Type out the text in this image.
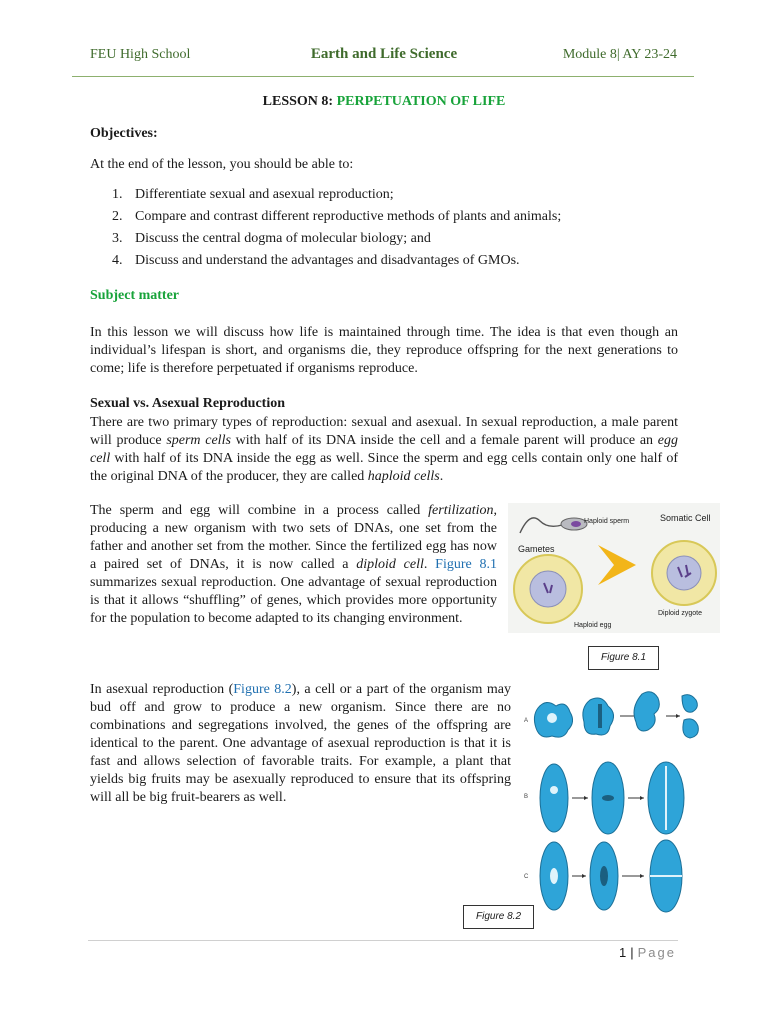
FEU High School	Earth and Life Science	Module 8| AY 23-24
LESSON 8: PERPETUATION OF LIFE
Objectives:
At the end of the lesson, you should be able to:
1. Differentiate sexual and asexual reproduction;
2. Compare and contrast different reproductive methods of plants and animals;
3. Discuss the central dogma of molecular biology; and
4. Discuss and understand the advantages and disadvantages of GMOs.
Subject matter

In this lesson we will discuss how life is maintained through time. The idea is that even though an individual’s lifespan is short, and organisms die, they reproduce offspring for the next generations to come; life is therefore perpetuated if organisms reproduce.

Sexual vs. Asexual Reproduction

There are two primary types of reproduction: sexual and asexual. In sexual reproduction, a male parent will produce sperm cells with half of its DNA inside the cell and a female parent will produce an egg cell with half of its DNA inside the egg as well. Since the sperm and egg cells contain only one half of the original DNA of the producer, they are called haploid cells.

The sperm and egg will combine in a process called fertilization, producing a new organism with two sets of DNAs, one set from the father and another set from the mother. Since the fertilized egg has now a paired set of DNAs, it is now called a diploid cell. Figure 8.1 summarizes sexual reproduction. One advantage of sexual reproduction is that it allows “shuffling” of genes, which provides more opportunity for the population to become adapted to its changing environment.

Haploid sperm	Somatic Cell
Gametes
Haploid egg
Diploid zygote
Figure 8.1

In asexual reproduction (Figure 8.2), a cell or a part of the organism may bud off and grow to produce a new organism. Since there are no combinations and segregations involved, the genes of the offspring are identical to the parent. One advantage of asexual reproduction is that it is fast and allows selection of favorable traits. For example, a plant that yields big fruits may be asexually reproduced to ensure that its offspring will all be big fruit-bearers as well.

A
B
C
Figure 8.2
1 | Page
